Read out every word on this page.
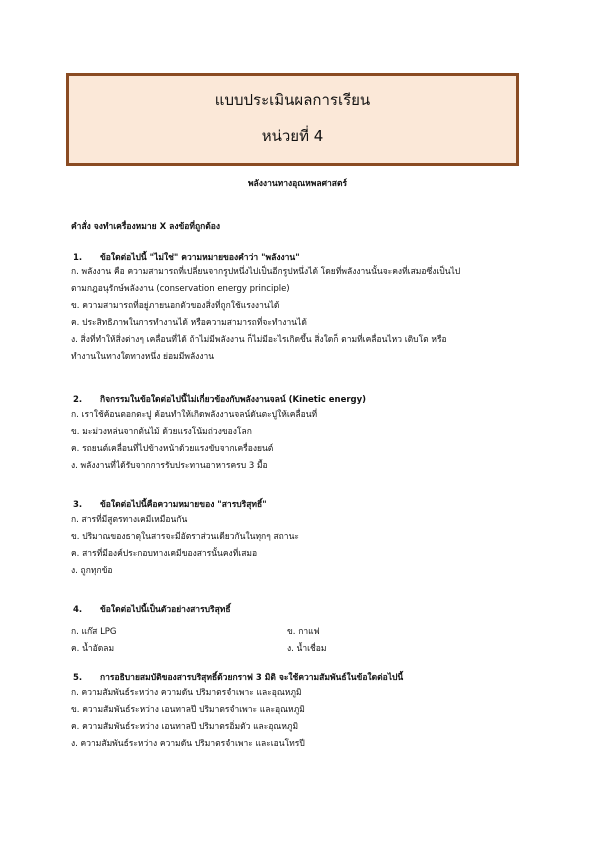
แบบประเมินผลการเรียน
หน่วยที่ 4
พลังงานทางอุณหพลศาสตร์
คำสั่ง จงทำเครื่องหมาย X ลงข้อที่ถูกต้อง
1. ข้อใดต่อไปนี้ "ไม่ใช่" ความหมายของคำว่า "พลังงาน"
ก. พลังงาน คือ ความสามารถที่เปลี่ยนจากรูปหนึ่งไปเป็นอีกรูปหนึ่งได้ โดยที่พลังงานนั้นจะคงที่เสมอซึ่งเป็นไป
ตามกฎอนุรักษ์พลังงาน (conservation energy principle)
ข. ความสามารถที่อยู่ภายนอกตัวของสิ่งที่ถูกใช้แรงงานได้
ค. ประสิทธิภาพในการทำงานได้ หรือความสามารถที่จะทำงานได้
ง. สิ่งที่ทำให้สิ่งต่างๆ เคลื่อนที่ได้ ถ้าไม่มีพลังงาน ก็ไม่มีอะไรเกิดขึ้น สิ่งใดก็ ตามที่เคลื่อนไหว เติบโต หรือ
ทำงานในทางใดทางหนึ่ง ย่อมมีพลังงาน
2. กิจกรรมในข้อใดต่อไปนี้ไม่เกี่ยวข้องกับพลังงานจลน์ (Kinetic energy)
ก. เราใช้ค้อนตอกตะปู ค้อนทำให้เกิดพลังงานจลน์ดันตะปูให้เคลื่อนที่
ข. มะม่วงหล่นจากต้นไม้ ด้วยแรงโน้มถ่วงของโลก
ค. รถยนต์เคลื่อนที่ไปข้างหน้าด้วยแรงขับจากเครื่องยนต์
ง. พลังงานที่ได้รับจากการรับประทานอาหารครบ 3 มื้อ
3. ข้อใดต่อไปนี้คือความหมายของ "สารบริสุทธิ์"
ก. สารที่มีสูตรทางเคมีเหมือนกัน
ข. ปริมาณของธาตุในสารจะมีอัตราส่วนเดียวกันในทุกๆ สถานะ
ค. สารที่มีองค์ประกอบทางเคมีของสารนั้นคงที่เสมอ
ง. ถูกทุกข้อ
4. ข้อใดต่อไปนี้เป็นตัวอย่างสารบริสุทธิ์
ก. แก๊ส LPG	ข. กาแฟ
ค. น้ำอัดลม	ง. น้ำเชื่อม
5. การอธิบายสมบัติของสารบริสุทธิ์ด้วยกราฟ 3 มิติ จะใช้ความสัมพันธ์ในข้อใดต่อไปนี้
ก. ความสัมพันธ์ระหว่าง ความดัน ปริมาตรจำเพาะ และอุณหภูมิ
ข. ความสัมพันธ์ระหว่าง เอนทาลปี ปริมาตรจำเพาะ และอุณหภูมิ
ค. ความสัมพันธ์ระหว่าง เอนทาลปี ปริมาตรอิ่มตัว และอุณหภูมิ
ง. ความสัมพันธ์ระหว่าง ความดัน ปริมาตรจำเพาะ และเอนโทรปี
